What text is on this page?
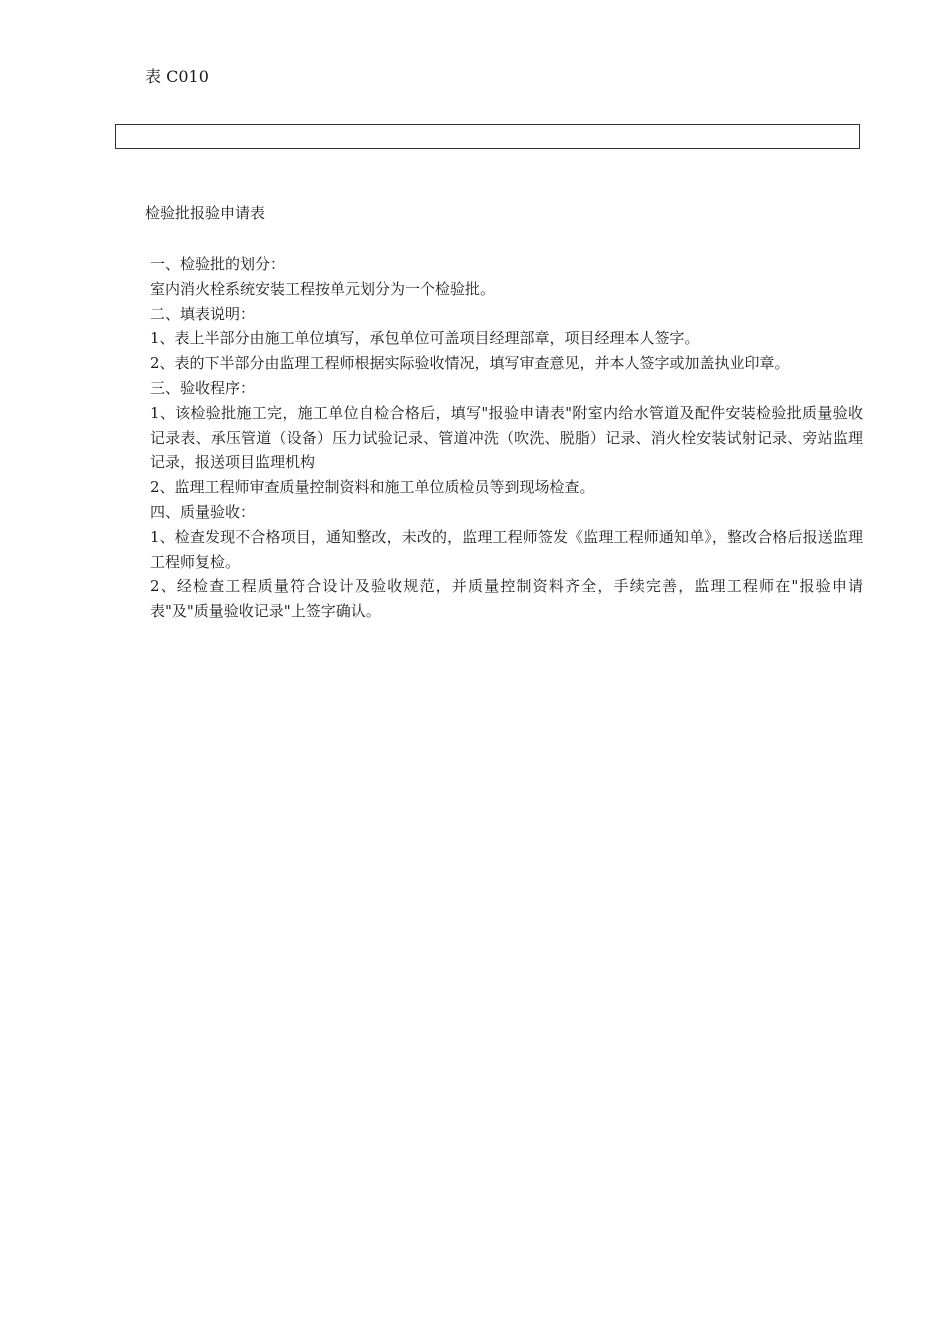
表 C010
检验批报验申请表

一、检验批的划分：

室内消火栓系统安装工程按单元划分为一个检验批。

二、填表说明：

1、表上半部分由施工单位填写，承包单位可盖项目经理部章，项目经理本人签字。

2、表的下半部分由监理工程师根据实际验收情况，填写审查意见，并本人签字或加盖执业印章。

三、验收程序：

1、该检验批施工完，施工单位自检合格后，填写"报验申请表"附室内给水管道及配件安装检验批质量验收记录表、承压管道（设备）压力试验记录、管道冲洗（吹洗、脱脂）记录、消火栓安装试射记录、旁站监理记录，报送项目监理机构

2、监理工程师审查质量控制资料和施工单位质检员等到现场检查。

四、质量验收：

1、检查发现不合格项目，通知整改，未改的，监理工程师签发《监理工程师通知单》，整改合格后报送监理工程师复检。

2、经检查工程质量符合设计及验收规范，并质量控制资料齐全，手续完善，监理工程师在"报验申请表"及"质量验收记录"上签字确认。
